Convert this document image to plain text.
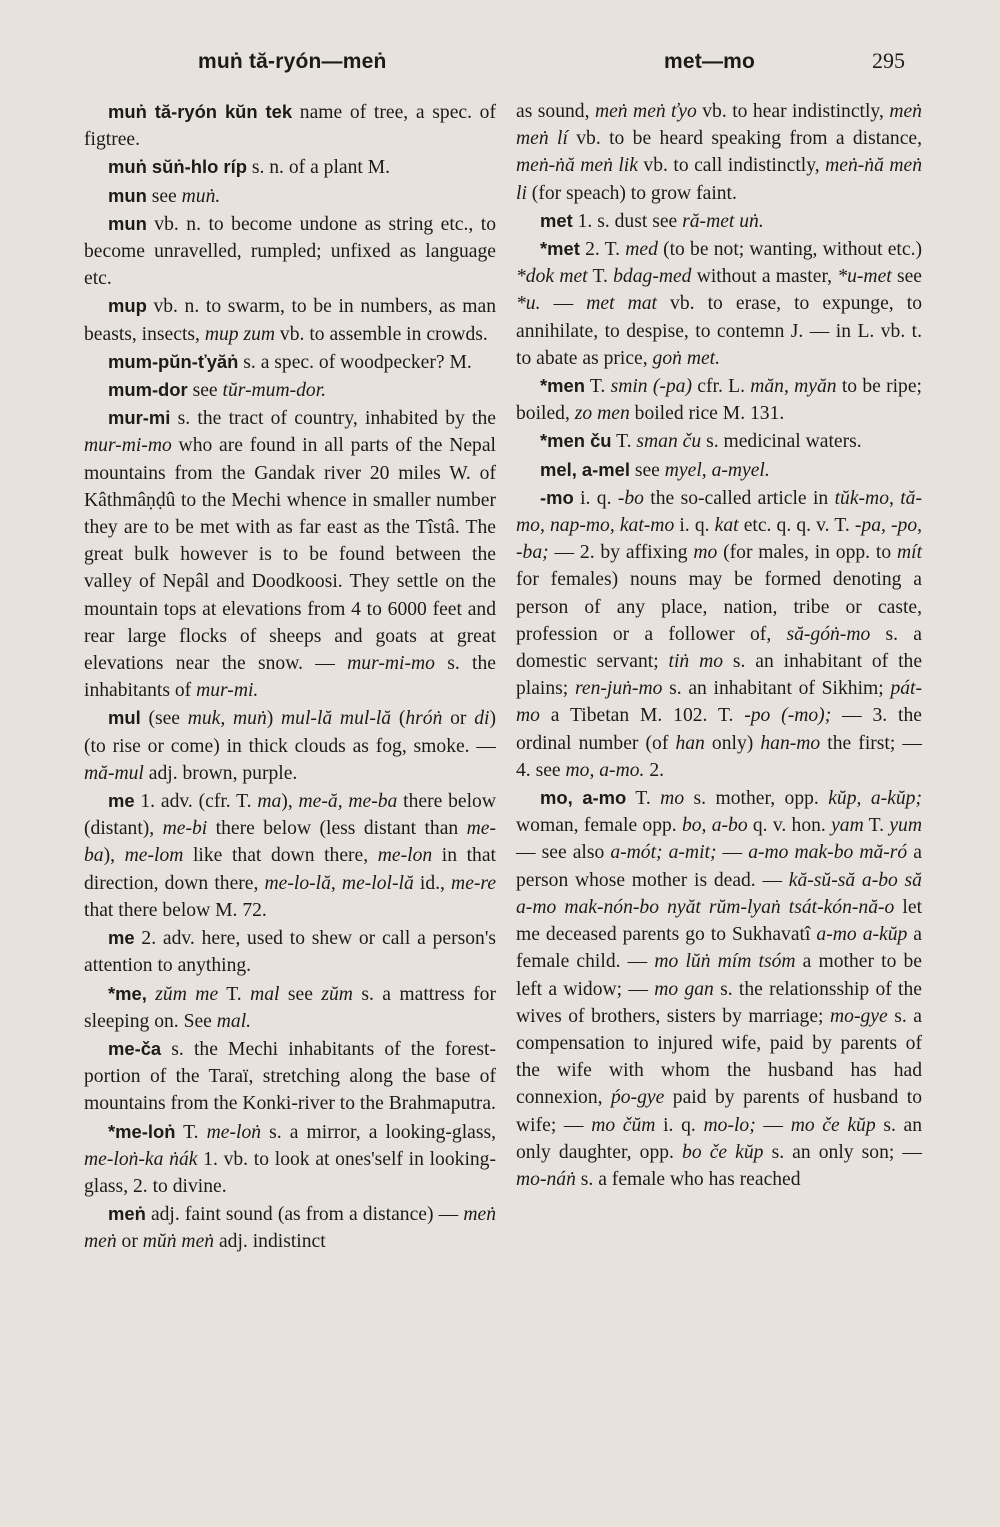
muṅ tă-ryón—meṅ	met—mo	295

muṅ tă-ryón kŭn tek name of tree, a spec. of figtree.

muṅ sŭṅ-hlo ríp s. n. of a plant M.

mun see muṅ.

mun vb. n. to become undone as string etc., to become unravelled, rumpled; unfixed as language etc.

mup vb. n. to swarm, to be in numbers, as man beasts, insects, mup zum vb. to assemble in crowds.

mum-pŭn-ťyăṅ s. a spec. of woodpecker? M.

mum-dor see tŭr-mum-dor.

mur-mi s. the tract of country, inhabited by the mur-mi-mo who are found in all parts of the Nepal mountains from the Gandak river 20 miles W. of Kâthmâṇḍû to the Mechi whence in smaller number they are to be met with as far east as the Tîstâ. The great bulk however is to be found between the valley of Nepâl and Doodkoosi. They settle on the mountain tops at elevations from 4 to 6000 feet and rear large flocks of sheeps and goats at great elevations near the snow. — mur-mi-mo s. the inhabitants of mur-mi.

mul (see muk, muṅ) mul-lă mul-lă (hróṅ or di) (to rise or come) in thick clouds as fog, smoke. — mă-mul adj. brown, purple.

me 1. adv. (cfr. T. ma), me-ă, me-ba there below (distant), me-bi there below (less distant than me-ba), me-lom like that down there, me-lon in that direction, down there, me-lo-lă, me-lol-lă id., me-re that there below M. 72.

me 2. adv. here, used to shew or call a person's attention to anything.

*me, zŭm me T. mal see zŭm s. a mattress for sleeping on. See mal.

me-ča s. the Mechi inhabitants of the forest-portion of the Taraï, stretching along the base of mountains from the Konki-river to the Brahmaputra.

*me-loṅ T. me-loṅ s. a mirror, a looking-glass, me-loṅ-ka ṅák 1. vb. to look at ones'self in looking-glass, 2. to divine.

meṅ adj. faint sound (as from a distance) — meṅ meṅ or mŭṅ meṅ adj. indistinct

as sound, meṅ meṅ ťyo vb. to hear indistinctly, meṅ meṅ lí vb. to be heard speaking from a distance, meṅ-ṅă meṅ lik vb. to call indistinctly, meṅ-ṅă meṅ li (for speach) to grow faint.

met 1. s. dust see ră-met uṅ.

*met 2. T. med (to be not; wanting, without etc.) *dok met T. bdag-med without a master, *u-met see *u. — met mat vb. to erase, to expunge, to annihilate, to despise, to contemn J. — in L. vb. t. to abate as price, goṅ met.

*men T. smin (-pa) cfr. L. măn, myăn to be ripe; boiled, zo men boiled rice M. 131.

*men ču T. sman ču s. medicinal waters.

mel, a-mel see myel, a-myel.

-mo i. q. -bo the so-called article in tŭk-mo, tă-mo, nap-mo, kat-mo i. q. kat etc. q. q. v. T. -pa, -po, -ba; — 2. by affixing mo (for males, in opp. to mít for females) nouns may be formed denoting a person of any place, nation, tribe or caste, profession or a follower of, să-góṅ-mo s. a domestic servant; tiṅ mo s. an inhabitant of the plains; ren-juṅ-mo s. an inhabitant of Sikhim; pát-mo a Tibetan M. 102. T. -po (-mo); — 3. the ordinal number (of han only) han-mo the first; — 4. see mo, a-mo. 2.

mo, a-mo T. mo s. mother, opp. kŭp, a-kŭp; woman, female opp. bo, a-bo q. v. hon. yam T. yum — see also a-mót; a-mit; — a-mo mak-bo mă-ró a person whose mother is dead. — kă-sŭ-să a-bo să a-mo mak-nón-bo nyăt rŭm-lyaṅ tsát-kón-nă-o let me deceased parents go to Sukhavatî a-mo a-kŭp a female child. — mo lŭṅ mím tsóm a mother to be left a widow; — mo gan s. the relationsship of the wives of brothers, sisters by marriage; mo-gye s. a compensation to injured wife, paid by parents of the wife with whom the husband has had connexion, ṕo-gye paid by parents of husband to wife; — mo čŭm i. q. mo-lo; — mo če kŭp s. an only daughter, opp. bo če kŭp s. an only son; — mo-náṅ s. a female who has reached
